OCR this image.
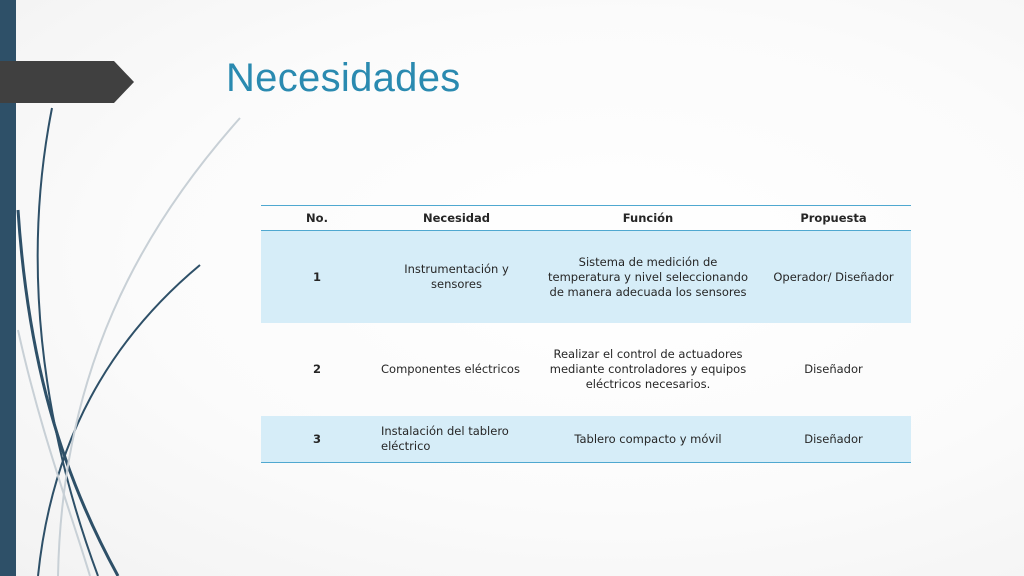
Necesidades
No.	Necesidad	Función	Propuesta
1	Instrumentación y sensores	Sistema de medición de temperatura y nivel seleccionando de manera adecuada los sensores	Operador/ Diseñador
2	Componentes eléctricos	Realizar el control de actuadores mediante controladores y equipos eléctricos necesarios.	Diseñador
3	Instalación del tablero eléctrico	Tablero compacto y móvil	Diseñador
